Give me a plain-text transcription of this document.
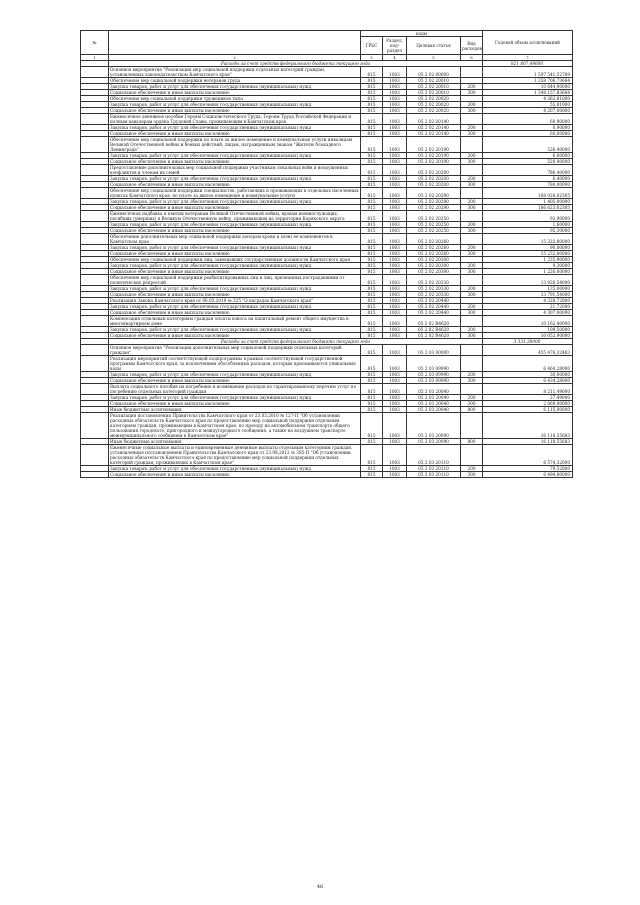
№		коды				Годовой объем ассигнований
		ГРБС	Раздел, под-раздел	Целевая статья	Вид расходов	
1	2	3	4	5	6	7
	Расходы за счет средств федерального бюджета текущего года					821 807,49600
	Основное мероприятие "Реализация мер социальной поддержки отдельных категорий граждан, установленных законодательством Камчатского края"	815	1003	05 2 02 00000		1 597 541,52789
	Обеспечение мер социальной поддержки ветеранов труда	815	1003	05 2 02 20010		1 358 706,73684
	Закупка товаров, работ и услуг для обеспечения государственных (муниципальных) нужд	815	1003	05 2 02 20010	200	10 644,90000
	Социальное обеспечение и иные выплаты населению	815	1003	05 2 02 20010	300	1 348 157,83684
	Обеспечение мер социальной поддержки тружеников тыла	815	1003	05 2 02 20020		4 262,81000
	Закупка товаров, работ и услуг для обеспечения государственных (муниципальных) нужд	815	1003	05 2 02 20020	200	55,81000
	Социальное обеспечение и иные выплаты населению	815	1003	05 2 02 20020	300	4 207,00000
	Ежемесячное денежное пособие Героям Социалистического Труда, Героям Труда Российской Федерации и полным кавалерам ордена Трудовой Славы, проживающим в Камчатском крае	815	1003	05 2 02 20140		60,90000
	Закупка товаров, работ и услуг для обеспечения государственных (муниципальных) нужд	815	1003	05 2 02 20140	200	0,90000
	Социальное обеспечение и иные выплаты населению	815	1003	05 2 02 20140	300	60,00000
	Обеспечение мер социальной поддержки по плате за жилое помещение и коммунальные услуги инвалидам Великой Отечественной войны и боевых действий, лицам, награжденным знаком "Жителю блокадного Ленинграда"	815	1003	05 2 02 20190		526,40000
	Закупка товаров, работ и услуг для обеспечения государственных (муниципальных) нужд	815	1003	05 2 02 20190	200	6,00000
	Социальное обеспечение и иные выплаты населению	815	1003	05 2 02 20190	300	520,40000
	Предоставление дополнительных мер социальной поддержки участникам локальных войн и вооруженных конфликтов и членам их семей	815	1003	05 2 02 20200		786,40000
	Закупка товаров, работ и услуг для обеспечения государственных (муниципальных) нужд	815	1003	05 2 02 20200	200	6,40000
	Социальное обеспечение и иные выплаты населению	815	1003	05 2 02 20200	300	780,00000
	Обеспечение мер социальной поддержки специалистов, работающих и проживающих в отдельных населенных пунктах Камчатского края, по плате за жилое помещение и коммунальные услуги	815	1003	05 2 02 20290		188 028,02305
	Закупка товаров, работ и услуг для обеспечения государственных (муниципальных) нужд	815	1003	05 2 02 20290	200	1 405,00000
	Социальное обеспечение и иные выплаты населению	815	1003	05 2 02 20290	300	186 623,02305
	Ежемесячная надбавка к пенсии ветеранам Великой Отечественной войны, вдовам военнослужащих, погибших (умерших) в Великую Отечественную войну, проживающим на территории Корякского округа	815	1003	05 2 02 20250		93,90000
	Закупка товаров, работ и услуг для обеспечения государственных (муниципальных) нужд	815	1003	05 2 02 20250	200	1,60000
	Социальное обеспечение и иные выплаты населению	815	1003	05 2 02 20250	300	92,30000
	Обеспечение дополнительных мер социальной поддержки донорам крови и (или) ее компонентов в Камчатском крае	815	1003	05 2 02 20260		15 322,80000
	Закупка товаров, работ и услуг для обеспечения государственных (муниципальных) нужд	815	1003	05 2 02 20260	200	90,00000
	Социальное обеспечение и иные выплаты населению	815	1003	05 2 02 20260	300	15 232,80000
	Обеспечение мер социальной поддержки лиц, замещавших государственные должности Камчатского края	815	1003	05 2 02 20300		1 235,90000
	Закупка товаров, работ и услуг для обеспечения государственных (муниципальных) нужд	815	1003	05 2 02 20300	200	9,30000
	Социальное обеспечение и иные выплаты населению	815	1003	05 2 02 20300	300	1 226,60000
	Обеспечение мер социальной поддержки реабилитированных лиц и лиц, признанных пострадавшими от политических репрессий	815	1003	05 2 02 20330		13 926,54000
	Закупка товаров, работ и услуг для обеспечения государственных (муниципальных) нужд	815	1003	05 2 02 20330	200	135,00000
	Социальное обеспечение и иные выплаты населению	815	1003	05 2 02 20330	300	13 791,54000
	Реализация Закона Камчатского края от 06.05.2019 № 325 "О наградах Камчатского края"	815	1003	05 2 02 20440		4 328,72000
	Закупка товаров, работ и услуг для обеспечения государственных (муниципальных) нужд	815	1003	05 2 02 20440	200	21,72000
	Социальное обеспечение и иные выплаты населению	815	1003	05 2 02 20440	300	4 307,00000
	Компенсация отдельным категориям граждан оплаты взноса на капитальный ремонт общего имущества в многоквартирном доме	815	1003	05 2 02 R4620		10 162,40000
	Закупка товаров, работ и услуг для обеспечения государственных (муниципальных) нужд	815	1003	05 2 02 R4620	200	109,50000
	Социальное обеспечение и иные выплаты населению	815	1003	05 2 02 R4620	300	10 052,90000
	Расходы за счет средств федерального бюджета текущего года					3 331,30000
	Основное мероприятие "Реализация дополнительных мер социальной поддержки отдельных категорий граждан"	815	1003	05 2 03 00000		455 476,32483
	Реализация мероприятий соответствующей подпрограммы в рамках соответствующей государственной программы Камчатского края, за исключением обособленных расходов, которым присваиваются уникальные коды	815	1003	05 2 03 09990		6 464,28000
	Закупка товаров, работ и услуг для обеспечения государственных (муниципальных) нужд	815	1003	05 2 03 09990	200	30,00000
	Социальное обеспечение и иные выплаты населению	815	1003	05 2 03 09990	300	6 434,28000
	Выплата социального пособия на погребение и возмещение расходов по гарантированному перечню услуг по погребению отдельных категорий граждан	815	1003	05 2 03 20040		8 211,49000
	Закупка товаров, работ и услуг для обеспечения государственных (муниципальных) нужд	815	1003	05 2 03 20040	200	27,49000
	Социальное обеспечение и иные выплаты населению	815	1003	05 2 03 20040	300	2 069,00000
	Иные бюджетные ассигнования	815	1003	05 2 03 20040	800	6 115,00000
	Реализация постановления Правительства Камчатского края от 23.03.2010 № 127-П "Об установлении расходных обязательств Камчатского края по предоставлению мер социальной поддержки отдельным категориям граждан, проживающим в Камчатском крае, по проезду на автомобильном транспорте общего пользования городского, пригородного и междугородного сообщения, а также на воздушном транспорте межмуниципального сообщения в Камчатском крае"	815	1003	05 2 03 20090		16 118,55683
	Иные бюджетные ассигнования	815	1003	05 2 03 20090	800	16 118,55683
	Ежемесячные социальные выплаты и единовременные денежные выплаты отдельным категориям граждан, установленные постановлением Правительства Камчатского края от 23.08.2012 № 385-П "Об установлении расходных обязательств Камчатского края по предоставлению мер социальной поддержки отдельных категорий граждан, проживающих в Камчатском крае"	815	1003	05 2 03 20110		6 574,32000
	Закупка товаров, работ и услуг для обеспечения государственных (муниципальных) нужд	815	1003	05 2 03 20110	200	79,52000
	Социальное обеспечение и иные выплаты населению	815	1003	05 2 03 20110	300	6 494,80000
46
